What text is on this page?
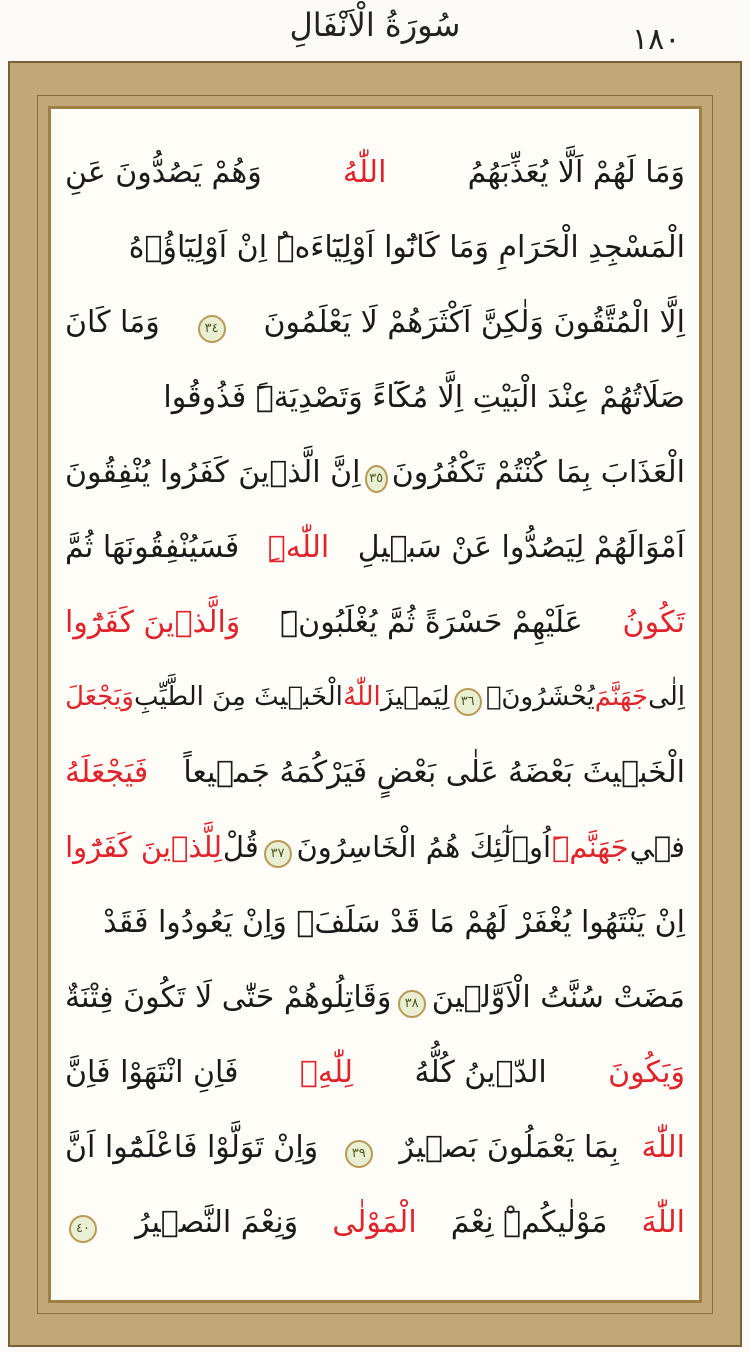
سُورَةُ الْاَنْفَالِ	١٨٠
وَمَا لَهُمْ اَلَّا يُعَذِّبَهُمُ
اللّٰهُ
وَهُمْ يَصُدُّونَ عَنِ
الْمَسْجِدِ الْحَرَامِ وَمَا كَانُٓوا اَوْلِيَٓاءَهُۜ اِنْ اَوْلِيَٓاؤُ۬هُ
اِلَّا الْمُتَّقُونَ وَلٰكِنَّ اَكْثَرَهُمْ لَا يَعْلَمُونَ
٣٤
وَمَا كَانَ
صَلَاتُهُمْ عِنْدَ الْبَيْتِ اِلَّا مُكَٓاءً وَتَصْدِيَةًۜ فَذُوقُوا
الْعَذَابَ بِمَا كُنْتُمْ تَكْفُرُونَ
٣٥
اِنَّ الَّذ۪ينَ كَفَرُوا يُنْفِقُونَ
اَمْوَالَهُمْ لِيَصُدُّوا عَنْ سَب۪يلِ
اللّٰهِۜ
فَسَيُنْفِقُونَهَا ثُمَّ
تَكُونُ
عَلَيْهِمْ حَسْرَةً ثُمَّ يُغْلَبُونَۜ
وَالَّذ۪ينَ كَفَرُٓوا
اِلٰى
جَهَنَّمَ
يُحْشَرُونَۙ
٣٦
لِيَم۪يزَ
اللّٰهُ
الْخَب۪يثَ مِنَ الطَّيِّبِ
وَيَجْعَلَ
الْخَب۪يثَ بَعْضَهُ عَلٰى بَعْضٍ فَيَرْكُمَهُ جَم۪يعاً
فَيَجْعَلَهُ
ف۪ي
جَهَنَّمَۜ
اُو۬لٰٓئِكَ هُمُ الْخَاسِرُونَ
٣٧
قُلْ
لِلَّذ۪ينَ كَفَرُٓوا
اِنْ يَنْتَهُوا يُغْفَرْ لَهُمْ مَا قَدْ سَلَفَۚ وَاِنْ يَعُودُوا فَقَدْ
مَضَتْ سُنَّتُ الْاَوَّل۪ينَ
٣٨
وَقَاتِلُوهُمْ حَتّٰى لَا تَكُونَ فِتْنَةٌ
وَيَكُونَ
الدّ۪ينُ كُلُّهُ
لِلّٰهِۚ
فَاِنِ انْتَهَوْا فَاِنَّ
اللّٰهَ
بِمَا يَعْمَلُونَ بَص۪يرٌ
٣٩
وَاِنْ تَوَلَّوْا فَاعْلَمُٓوا اَنَّ
اللّٰهَ
مَوْلٰيكُمْۜ نِعْمَ
الْمَوْلٰى
وَنِعْمَ النَّص۪يرُ
٤٠
